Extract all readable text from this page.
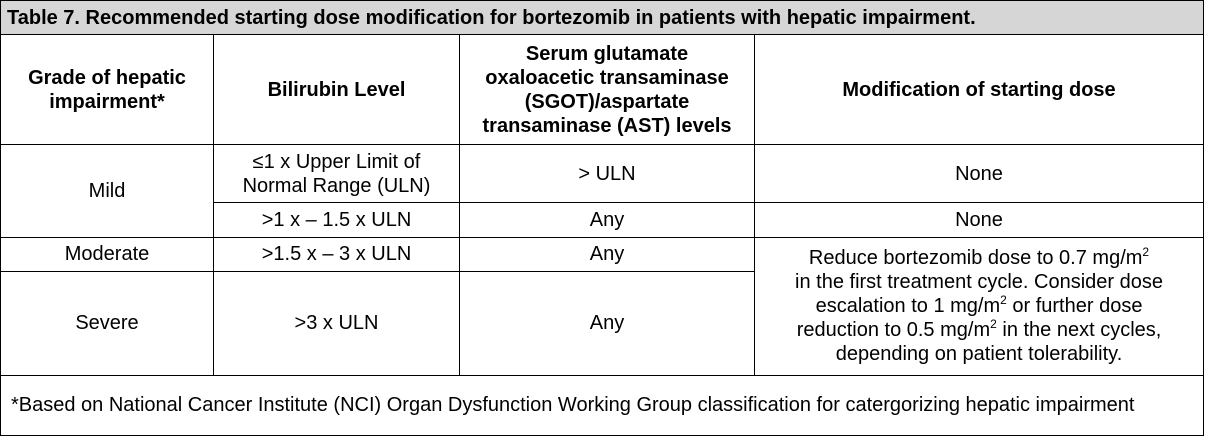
Table 7. Recommended starting dose modification for bortezomib in patients with hepatic impairment.			
Grade of hepatic
impairment*	Bilirubin Level	Serum glutamate
oxaloacetic transaminase
(SGOT)/aspartate
transaminase (AST) levels	Modification of starting dose
Mild	≤1 x Upper Limit of
Normal Range (ULN)	> ULN	None
	>1 x – 1.5 x ULN	Any	None
Moderate	>1.5 x – 3 x ULN	Any	Reduce bortezomib dose to 0.7 $mg/m^2$
in the first treatment cycle. Consider dose
escalation to 1 $mg/m^2$ or further dose
reduction to 0.5 $mg/m^2$ in the next cycles,
depending on patient tolerability.

Severe	>3 x ULN	Any	
*Based on National Cancer Institute (NCI) Organ Dysfunction Working Group classification for catergorizing hepatic impairment			
